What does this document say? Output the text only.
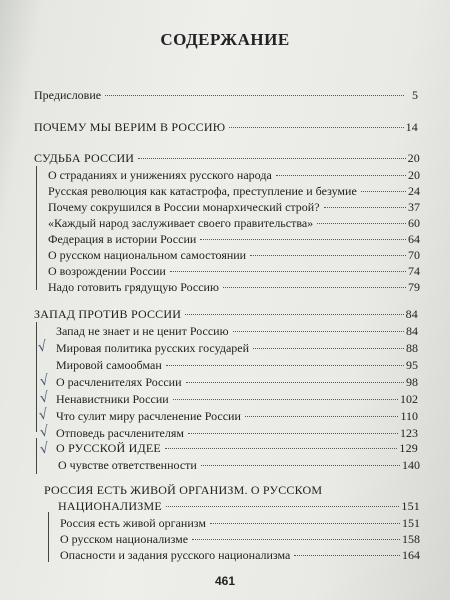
СОДЕРЖАНИЕ
Предисловие	5
ПОЧЕМУ МЫ ВЕРИМ В РОССИЮ	14
СУДЬБА РОССИИ	20
О страданиях и унижениях русского народа	20
Русская революция как катастрофа, преступление и безумие	24
Почему сокрушился в России монархический строй?	37
«Каждый народ заслуживает своего правительства»	60
Федерация в истории России	64
О русском национальном самостоянии	70
О возрождении России	74
Надо готовить грядущую Россию	79
ЗАПАД ПРОТИВ РОССИИ	84
Запад не знает и не ценит Россию	84
Мировая политика русских государей	88
Мировой самообман	95
О расчленителях России	98
Ненавистники России	102
Что сулит миру расчленение России	110
Отповедь расчленителям	123
√
√
√
√
√
√ О РУССКОЙ ИДЕЕ	129
О чувстве ответственности	140
РОССИЯ ЕСТЬ ЖИВОЙ ОРГАНИЗМ. О РУССКОМ
НАЦИОНАЛИЗМЕ	151
Россия есть живой организм	151
О русском национализме	158
Опасности и задания русского национализма	164
461
